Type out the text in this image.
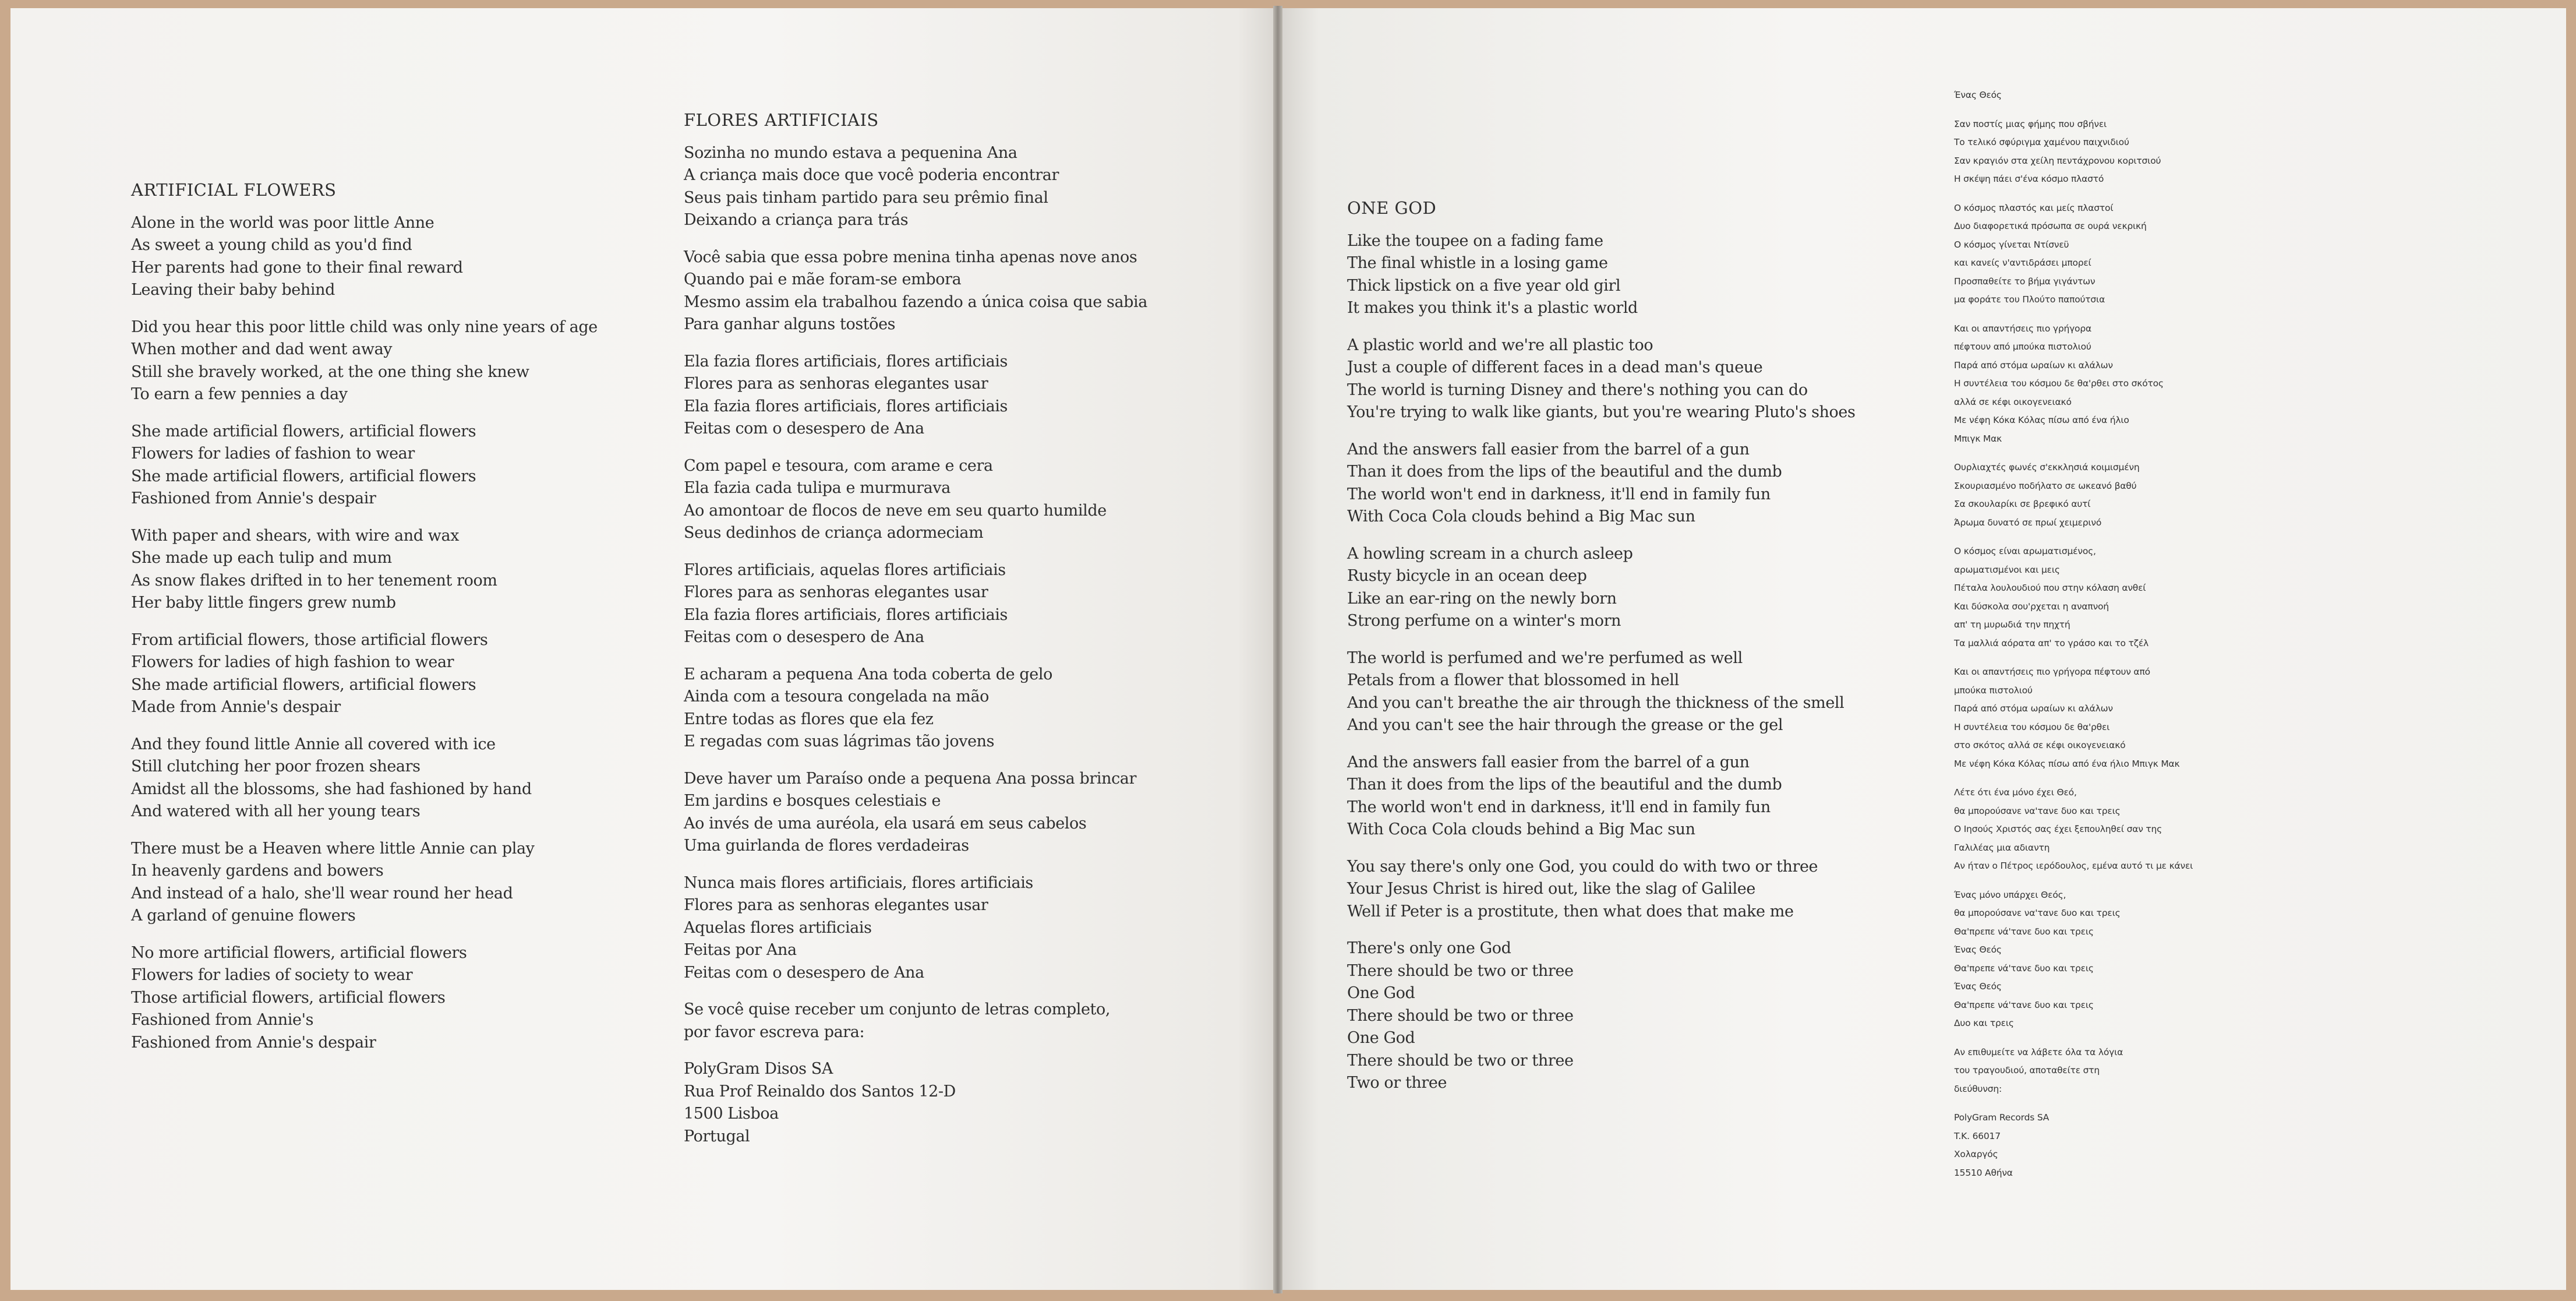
ARTIFICIAL FLOWERS
Alone in the world was poor little Anne
As sweet a young child as you'd find
Her parents had gone to their final reward
Leaving their baby behind
Did you hear this poor little child was only nine years of age
When mother and dad went away
Still she bravely worked, at the one thing she knew
To earn a few pennies a day
She made artificial flowers, artificial flowers
Flowers for ladies of fashion to wear
She made artificial flowers, artificial flowers
Fashioned from Annie's despair
With paper and shears, with wire and wax
She made up each tulip and mum
As snow flakes drifted in to her tenement room
Her baby little fingers grew numb
From artificial flowers, those artificial flowers
Flowers for ladies of high fashion to wear
She made artificial flowers, artificial flowers
Made from Annie's despair
And they found little Annie all covered with ice
Still clutching her poor frozen shears
Amidst all the blossoms, she had fashioned by hand
And watered with all her young tears
There must be a Heaven where little Annie can play
In heavenly gardens and bowers
And instead of a halo, she'll wear round her head
A garland of genuine flowers
No more artificial flowers, artificial flowers
Flowers for ladies of society to wear
Those artificial flowers, artificial flowers
Fashioned from Annie's
Fashioned from Annie's despair
FLORES ARTIFICIAIS
Sozinha no mundo estava a pequenina Ana
A criança mais doce que você poderia encontrar
Seus pais tinham partido para seu prêmio final
Deixando a criança para trás
Você sabia que essa pobre menina tinha apenas nove anos
Quando pai e mãe foram-se embora
Mesmo assim ela trabalhou fazendo a única coisa que sabia
Para ganhar alguns tostões
Ela fazia flores artificiais, flores artificiais
Flores para as senhoras elegantes usar
Ela fazia flores artificiais, flores artificiais
Feitas com o desespero de Ana
Com papel e tesoura, com arame e cera
Ela fazia cada tulipa e murmurava
Ao amontoar de flocos de neve em seu quarto humilde
Seus dedinhos de criança adormeciam
Flores artificiais, aquelas flores artificiais
Flores para as senhoras elegantes usar
Ela fazia flores artificiais, flores artificiais
Feitas com o desespero de Ana
E acharam a pequena Ana toda coberta de gelo
Ainda com a tesoura congelada na mão
Entre todas as flores que ela fez
E regadas com suas lágrimas tão jovens
Deve haver um Paraíso onde a pequena Ana possa brincar
Em jardins e bosques celestiais e
Ao invés de uma auréola, ela usará em seus cabelos
Uma guirlanda de flores verdadeiras
Nunca mais flores artificiais, flores artificiais
Flores para as senhoras elegantes usar
Aquelas flores artificiais
Feitas por Ana
Feitas com o desespero de Ana
Se você quise receber um conjunto de letras completo,
por favor escreva para:
PolyGram Disos SA
Rua Prof Reinaldo dos Santos 12-D
1500 Lisboa
Portugal
ONE GOD
Like the toupee on a fading fame
The final whistle in a losing game
Thick lipstick on a five year old girl
It makes you think it's a plastic world
A plastic world and we're all plastic too
Just a couple of different faces in a dead man's queue
The world is turning Disney and there's nothing you can do
You're trying to walk like giants, but you're wearing Pluto's shoes
And the answers fall easier from the barrel of a gun
Than it does from the lips of the beautiful and the dumb
The world won't end in darkness, it'll end in family fun
With Coca Cola clouds behind a Big Mac sun
A howling scream in a church asleep
Rusty bicycle in an ocean deep
Like an ear-ring on the newly born
Strong perfume on a winter's morn
The world is perfumed and we're perfumed as well
Petals from a flower that blossomed in hell
And you can't breathe the air through the thickness of the smell
And you can't see the hair through the grease or the gel
And the answers fall easier from the barrel of a gun
Than it does from the lips of the beautiful and the dumb
The world won't end in darkness, it'll end in family fun
With Coca Cola clouds behind a Big Mac sun
You say there's only one God, you could do with two or three
Your Jesus Christ is hired out, like the slag of Galilee
Well if Peter is a prostitute, then what does that make me
There's only one God
There should be two or three
One God
There should be two or three
One God
There should be two or three
Two or three
Ένας Θεός
Σαν ποστίς μιας φήμης που σβήνει
Το τελικό σφύριγμα χαμένου παιχνιδιού
Σαν κραγιόν στα χείλη πεντάχρονου κοριτσιού
Η σκέψη πάει σ'ένα κόσμο πλαστό
Ο κόσμος πλαστός και μείς πλαστοί
Δυο διαφορετικά πρόσωπα σε ουρά νεκρική
Ο κόσμος γίνεται Ντίσνεϋ
και κανείς ν'αντιδράσει μπορεί
Προσπαθείτε το βήμα γιγάντων
μα φοράτε του Πλούτο παπούτσια
Και οι απαντήσεις πιο γρήγορα
πέφτουν από μπούκα πιστολιού
Παρά από στόμα ωραίων κι αλάλων
Η συντέλεια του κόσμου δε θα'ρθει στο σκότος
αλλά σε κέφι οικογενειακό
Με νέφη Κόκα Κόλας πίσω από ένα ήλιο
Μπιγκ Μακ
Ουρλιαχτές φωνές σ'εκκλησιά κοιμισμένη
Σκουριασμένο ποδήλατο σε ωκεανό βαθύ
Σα σκουλαρίκι σε βρεφικό αυτί
Άρωμα δυνατό σε πρωί χειμερινό
Ο κόσμος είναι αρωματισμένος,
αρωματισμένοι και μεις
Πέταλα λουλουδιού που στην κόλαση ανθεί
Και δύσκολα σου'ρχεται η αναπνοή
απ' τη μυρωδιά την πηχτή
Τα μαλλιά αόρατα απ' το γράσο και το τζέλ
Και οι απαντήσεις πιο γρήγορα πέφτουν από
μπούκα πιστολιού
Παρά από στόμα ωραίων κι αλάλων
Η συντέλεια του κόσμου δε θα'ρθει
στο σκότος αλλά σε κέφι οικογενειακό
Με νέφη Κόκα Κόλας πίσω από ένα ήλιο Μπιγκ Μακ
Λέτε ότι ένα μόνο έχει Θεό,
θα μπορούσανε να'τανε δυο και τρεις
Ο Ιησούς Χριστός σας έχει ξεπουληθεί σαν της
Γαλιλέας μια αδιαντη
Αν ήταν ο Πέτρος ιερόδουλος, εμένα αυτό τι με κάνει
Ένας μόνο υπάρχει Θεός,
θα μπορούσανε να'τανε δυο και τρεις
Θα'πρεπε νά'τανε δυο και τρεις
Ένας Θεός
Θα'πρεπε νά'τανε δυο και τρεις
Ένας Θεός
Θα'πρεπε νά'τανε δυο και τρεις
Δυο και τρεις
Αν επιθυμείτε να λάβετε όλα τα λόγια
του τραγουδιού, αποταθείτε στη
διεύθυνση:
PolyGram Records SA
T.K. 66017
Χολαργός
15510 Αθήνα
